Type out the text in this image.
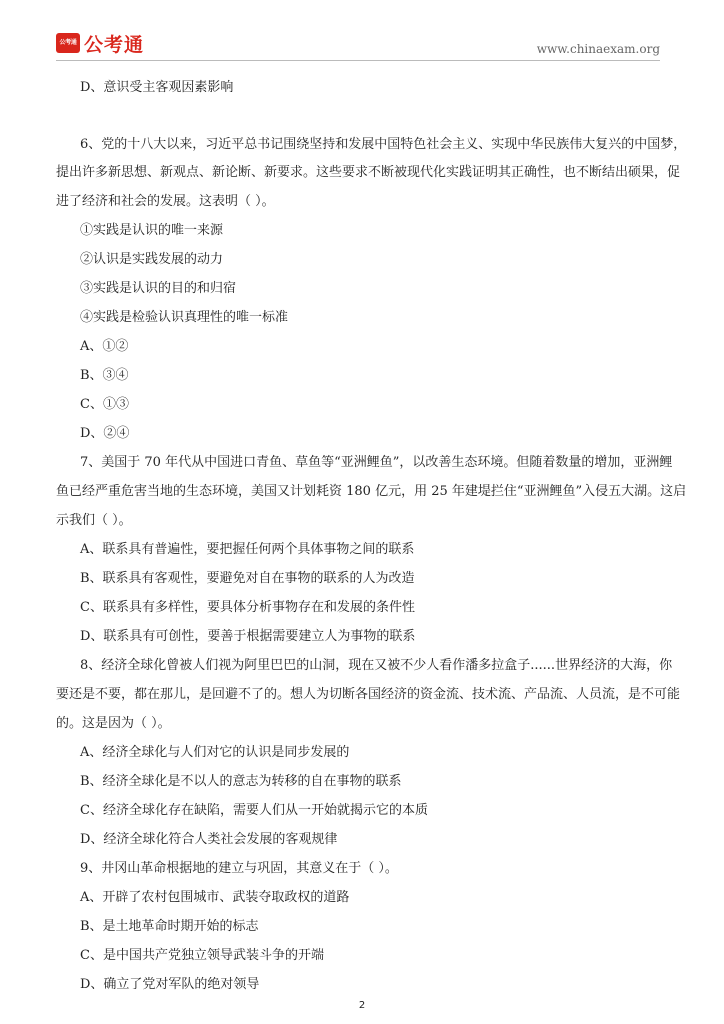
公考通 公考通	www.chinaexam.org
D、意识受主客观因素影响
6、党的十八大以来，习近平总书记围绕坚持和发展中国特色社会主义、实现中华民族伟大复兴的中国梦，
提出许多新思想、新观点、新论断、新要求。这些要求不断被现代化实践证明其正确性，也不断结出硕果，促
进了经济和社会的发展。这表明（ ）。
①实践是认识的唯一来源
②认识是实践发展的动力
③实践是认识的目的和归宿
④实践是检验认识真理性的唯一标准
A、①②
B、③④
C、①③
D、②④
7、美国于 70 年代从中国进口青鱼、草鱼等“亚洲鲤鱼”，以改善生态环境。但随着数量的增加，亚洲鲤
鱼已经严重危害当地的生态环境，美国又计划耗资 180 亿元，用 25 年建堤拦住“亚洲鲤鱼”入侵五大湖。这启
示我们（ ）。
A、联系具有普遍性，要把握任何两个具体事物之间的联系
B、联系具有客观性，要避免对自在事物的联系的人为改造
C、联系具有多样性，要具体分析事物存在和发展的条件性
D、联系具有可创性，要善于根据需要建立人为事物的联系
8、经济全球化曾被人们视为阿里巴巴的山洞，现在又被不少人看作潘多拉盒子......世界经济的大海，你
要还是不要，都在那儿，是回避不了的。想人为切断各国经济的资金流、技术流、产品流、人员流，是不可能
的。这是因为（ ）。
A、经济全球化与人们对它的认识是同步发展的
B、经济全球化是不以人的意志为转移的自在事物的联系
C、经济全球化存在缺陷，需要人们从一开始就揭示它的本质
D、经济全球化符合人类社会发展的客观规律
9、井冈山革命根据地的建立与巩固，其意义在于（ ）。
A、开辟了农村包围城市、武装夺取政权的道路
B、是土地革命时期开始的标志
C、是中国共产党独立领导武装斗争的开端
D、确立了党对军队的绝对领导
2
